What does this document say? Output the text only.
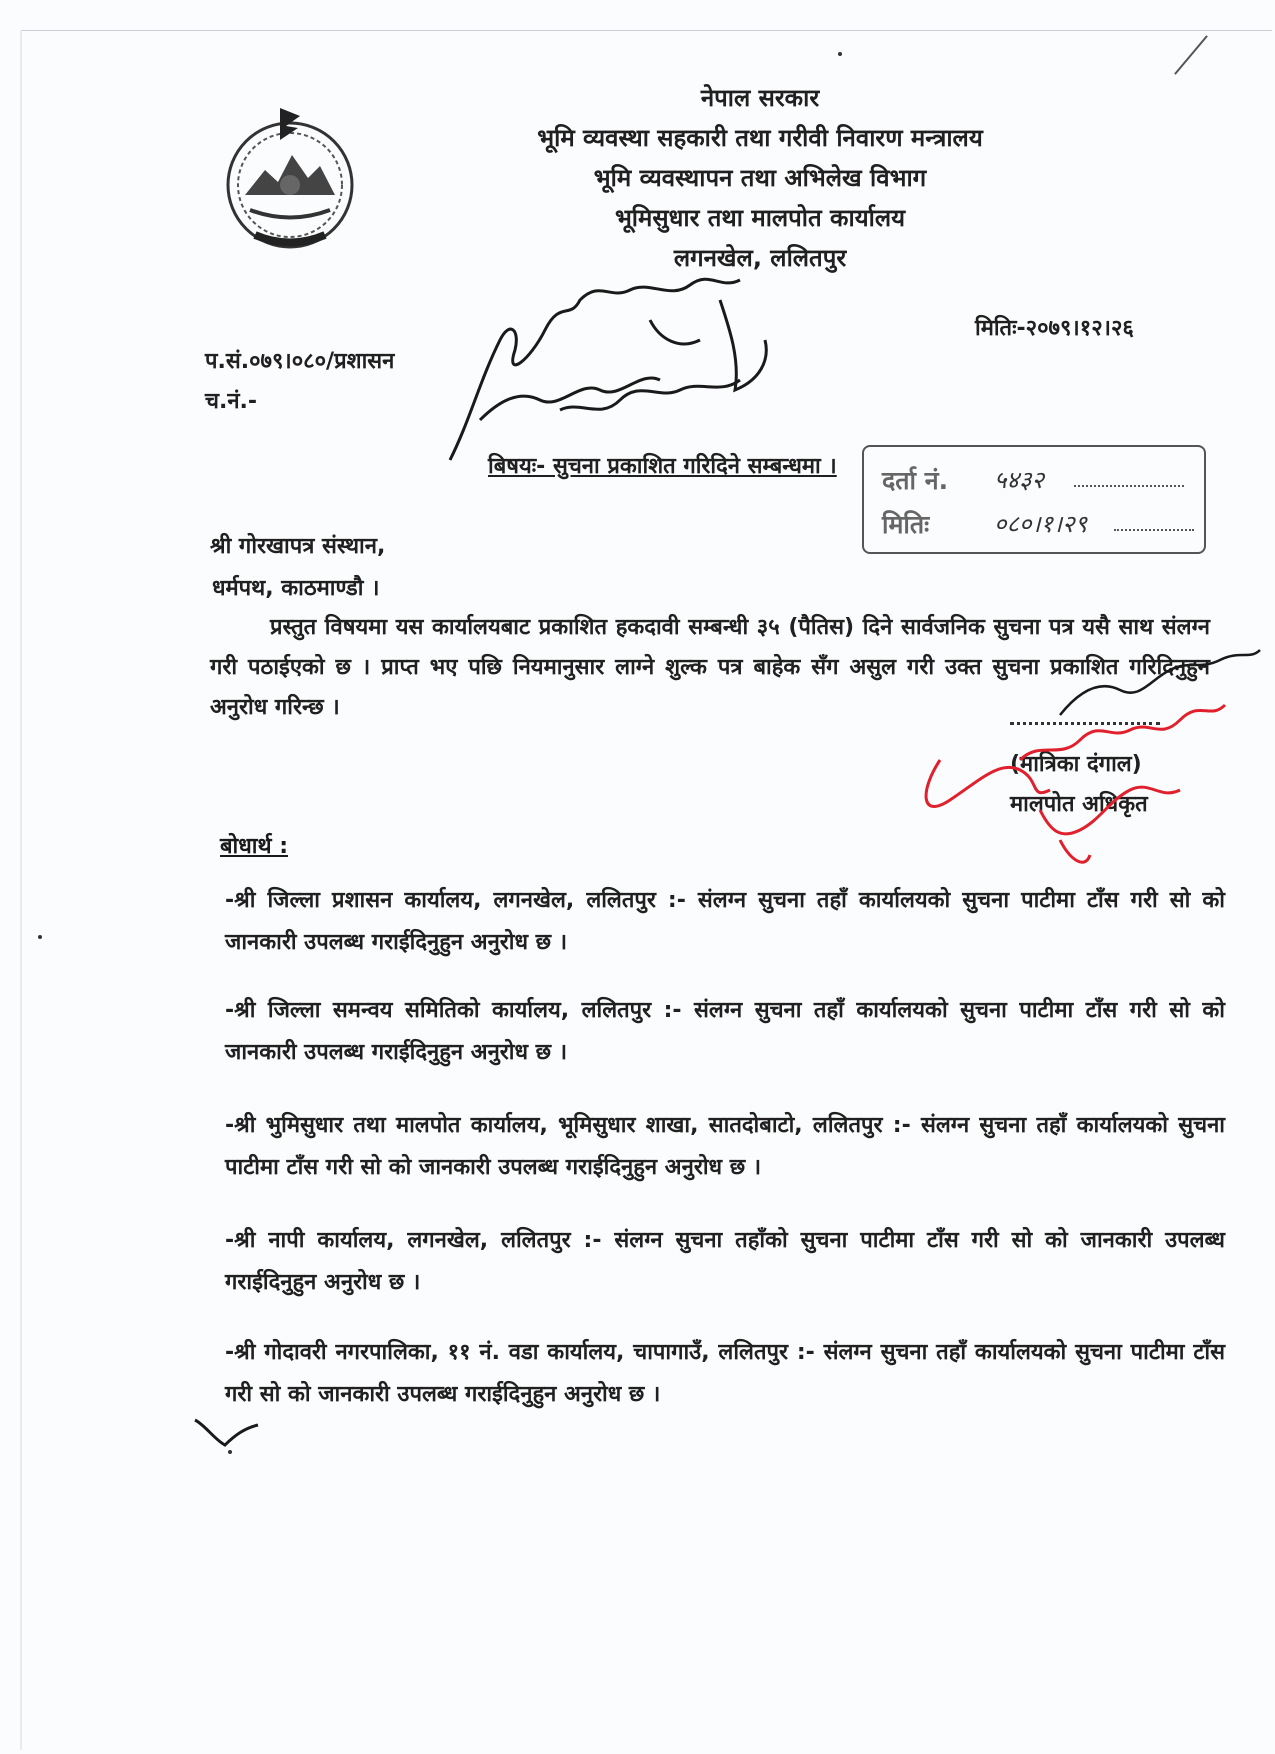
नेपाल सरकार
भूमि व्यवस्था सहकारी तथा गरीवी निवारण मन्त्रालय
भूमि व्यवस्थापन तथा अभिलेख विभाग
भूमिसुधार तथा मालपोत कार्यालय
लगनखेल, ललितपुर
प.सं.०७९।०८०/प्रशासन
च.नं.-
मितिः-२०७९।१२।२६
बिषयः- सुचना प्रकाशित गरिदिने सम्बन्धमा । दर्ता नं. ५४३२
मितिः	०८०।१।२९
श्री गोरखापत्र संस्थान,
धर्मपथ, काठमाण्डौ ।
प्रस्तुत विषयमा यस कार्यालयबाट प्रकाशित हकदावी सम्बन्धी ३५ (पैतिस) दिने सार्वजनिक सुचना पत्र यसै साथ संलग्न गरी पठाईएको छ । प्राप्त भए पछि नियमानुसार लाग्ने शुल्क पत्र बाहेक सँग असुल गरी उक्त सुचना प्रकाशित गरिदिनुहुन अनुरोध गरिन्छ ।
(मात्रिका दंगाल)
मालपोत अधिकृत
बोधार्थ :
-श्री जिल्ला प्रशासन कार्यालय, लगनखेल, ललितपुर :- संलग्न सुचना तहाँ कार्यालयको सुचना पाटीमा टाँस गरी सो को जानकारी उपलब्ध गराईदिनुहुन अनुरोध छ ।
-श्री जिल्ला समन्वय समितिको कार्यालय, ललितपुर :- संलग्न सुचना तहाँ कार्यालयको सुचना पाटीमा टाँस गरी सो को जानकारी उपलब्ध गराईदिनुहुन अनुरोध छ ।
-श्री भुमिसुधार तथा मालपोत कार्यालय, भूमिसुधार शाखा, सातदोबाटो, ललितपुर :- संलग्न सुचना तहाँ कार्यालयको सुचना पाटीमा टाँस गरी सो को जानकारी उपलब्ध गराईदिनुहुन अनुरोध छ ।
-श्री नापी कार्यालय, लगनखेल, ललितपुर :- संलग्न सुचना तहाँको सुचना पाटीमा टाँस गरी सो को जानकारी उपलब्ध गराईदिनुहुन अनुरोध छ ।
-श्री गोदावरी नगरपालिका, ११ नं. वडा कार्यालय, चापागाउँ, ललितपुर :- संलग्न सुचना तहाँ कार्यालयको सुचना पाटीमा टाँस गरी सो को जानकारी उपलब्ध गराईदिनुहुन अनुरोध छ ।
